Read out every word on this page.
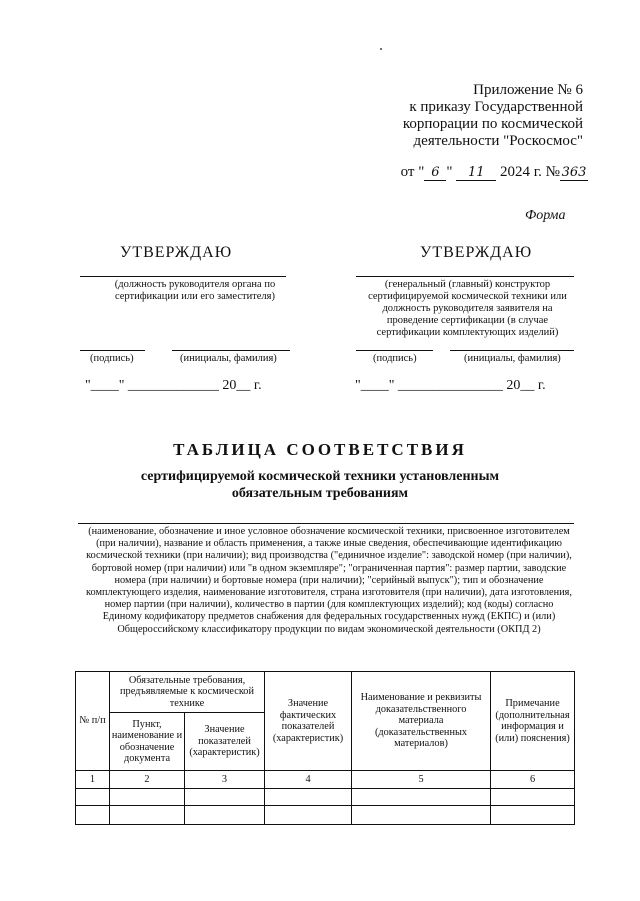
Приложение № 6
к приказу Государственной
корпорации по космической
деятельности "Роскосмос"
от " 6 " 11 2024 г. № 363
Форма
УТВЕРЖДАЮ
(должность руководителя органа по сертификации или его заместителя)
(подпись)	(инициалы, фамилия)
"____" _____________ 20__ г.
УТВЕРЖДАЮ
(генеральный (главный) конструктор сертифицируемой космической техники или должность руководителя заявителя на проведение сертификации (в случае сертификации комплектующих изделий)
(подпись)	(инициалы, фамилия)
"____" _______________ 20__ г.
ТАБЛИЦА СООТВЕТСТВИЯ
сертифицируемой космической техники установленным обязательным требованиям
(наименование, обозначение и иное условное обозначение космической техники, присвоенное изготовителем (при наличии), название и область применения, а также иные сведения, обеспечивающие идентификацию космической техники (при наличии); вид производства ("единичное изделие": заводской номер (при наличии), бортовой номер (при наличии) или "в одном экземпляре"; "ограниченная партия": размер партии, заводские номера (при наличии) и бортовые номера (при наличии); "серийный выпуск"); тип и обозначение комплектующего изделия, наименование изготовителя, страна изготовителя (при наличии), дата изготовления, номер партии (при наличии), количество в партии (для комплектующих изделий); код (коды) согласно Единому кодификатору предметов снабжения для федеральных государственных нужд (ЕКПС) и (или) Общероссийскому классификатору продукции по видам экономической деятельности (ОКПД 2)
№ п/п	Обязательные требования, предъявляемые к космической технике		Значение фактических показателей (характеристик)	Наименование и реквизиты доказательственного материала (доказательственных материалов)	Примечание (дополнительная информация и (или) пояснения)
	Пункт, наименование и обозначение документа	Значение показателей (характеристик)			
1	2	3	4	5	6
